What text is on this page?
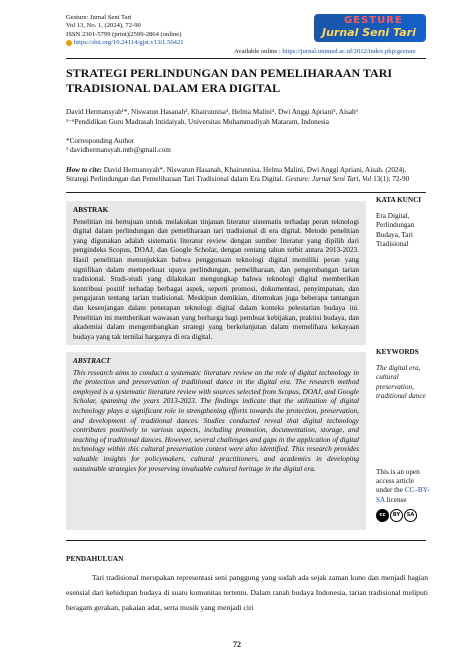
Gesture: Jurnal Seni Tari
Vol 13, No. 1, (2024), 72-90
ISSN 2301-5799 (print)|2599-2864 (online)
https://doi.org/10.24114/gjst.v13i1.56421
GESTURE
Jurnal Seni Tari
Available online : https://jurnal.unimed.ac.id/2012/index.php/gesture
STRATEGI PERLINDUNGAN DAN PEMELIHARAAN TARI TRADISIONAL DALAM ERA DIGITAL
David Hermansyah¹*, Niswatun Hasanah², Khairunnisa³, Helma Malini⁴, Dwi Anggi Apriani⁵, Aisah⁶
¹⁻⁶Pendidikan Guru Madrasah Intidaiyah, Universitas Muhammadiyah Mataram, Indonesia
*Corresponding Author
¹ davidhermansyah.mtb@gmail.com
How to cite: David Hermansyah*, Niswatun Hasanah, Khairunnisa, Helma Malini, Dwi Anggi Apriani, Aisah. (2024). Strategi Perlindungan dan Pemeliharaan Tari Tradisional dalam Era Digital. Gesture: Jurnal Seni Tari, Vol 13(1): 72-90
ABSTRAK
Penelitian ini bertujuan untuk melakukan tinjauan literatur sistematis terhadap peran teknologi digital dalam perlindungan dan pemeliharaan tari tradisional di era digital. Metode penelitian yang digunakan adalah sistematis literatur review dengan sumber literatur yang dipilih dari pengindeks Scopus, DOAJ, dan Google Scholar, dengan rentang tahun terbit antara 2013-2023. Hasil penelitian menunjukkan bahwa penggunaan teknologi digital memiliki peran yang signifikan dalam memperkuat upaya perlindungan, pemeliharaan, dan pengembangan tarian tradisional. Studi-studi yang dilakukan mengungkap bahwa teknologi digital memberikan kontribusi positif terhadap berbagai aspek, seperti promosi, dokumentasi, penyimpanan, dan pengajaran tentang tarian tradisional. Meskipun demikian, ditemukan juga beberapa tantangan dan kesenjangan dalam penerapan teknologi digital dalam konteks pelestarian budaya ini. Penelitian ini memberikan wawasan yang berharga bagi pembuat kebijakan, praktisi budaya, dan akademisi dalam mengembangkan strategi yang berkelanjutan dalam memelihara kekayaan budaya yang tak ternilai harganya di era digital.
KATA KUNCI
Era Digital, Perlindungan Budaya, Tari Tradisional
ABSTRACT
This research aims to conduct a systematic literature review on the role of digital technology in the protection and preservation of traditional dance in the digital era. The research method employed is a systematic literature review with sources selected from Scopus, DOAJ, and Google Scholar, spanning the years 2013-2023. The findings indicate that the utilization of digital technology plays a significant role in strengthening efforts towards the protection, preservation, and development of traditional dances. Studies conducted reveal that digital technology contributes positively to various aspects, including promotion, documentation, storage, and teaching of traditional dances. However, several challenges and gaps in the application of digital technology within this cultural preservation context were also identified. This research provides valuable insights for policymakers, cultural practitioners, and academics in developing sustainable strategies for preserving invaluable cultural heritage in the digital era.
KEYWORDS
The digital era, cultural preservation, traditional dance
This is an open access article under the CC–BY-SA license
cc	BY	SA
PENDAHULUAN
Tari tradisional merupakan representasi seni panggung yang sudah ada sejak zaman kuno dan menjadi bagian esensial dari kehidupan budaya di suatu komunitas tertentu. Dalam ranah budaya Indonesia, tarian tradisional meliputi beragam gerakan, pakaian adat, serta musik yang menjadi ciri
72
